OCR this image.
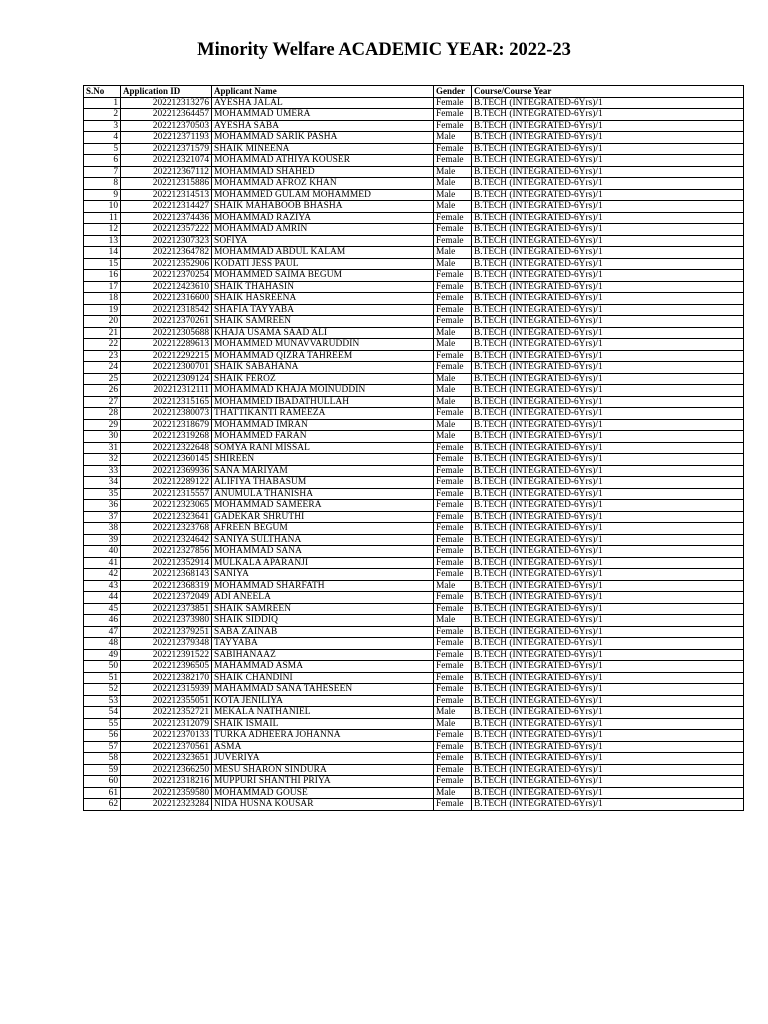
Minority Welfare ACADEMIC YEAR: 2022-23
S.No	Application ID	Applicant Name	Gender	Course/Course Year
1	202212313276	AYESHA JALAL	Female	B.TECH (INTEGRATED-6Yrs)/1
2	202212364457	MOHAMMAD UMERA	Female	B.TECH (INTEGRATED-6Yrs)/1
3	202212370503	AYESHA SABA	Female	B.TECH (INTEGRATED-6Yrs)/1
4	202212371193	MOHAMMAD SARIK PASHA	Male	B.TECH (INTEGRATED-6Yrs)/1
5	202212371579	SHAIK MINEENA	Female	B.TECH (INTEGRATED-6Yrs)/1
6	202212321074	MOHAMMAD ATHIYA KOUSER	Female	B.TECH (INTEGRATED-6Yrs)/1
7	202212367112	MOHAMMAD SHAHED	Male	B.TECH (INTEGRATED-6Yrs)/1
8	202212315886	MOHAMMAD AFROZ KHAN	Male	B.TECH (INTEGRATED-6Yrs)/1
9	202212314513	MOHAMMED GULAM MOHAMMED	Male	B.TECH (INTEGRATED-6Yrs)/1
10	202212314427	SHAIK MAHABOOB BHASHA	Male	B.TECH (INTEGRATED-6Yrs)/1
11	202212374436	MOHAMMAD RAZIYA	Female	B.TECH (INTEGRATED-6Yrs)/1
12	202212357222	MOHAMMAD AMRIN	Female	B.TECH (INTEGRATED-6Yrs)/1
13	202212307323	SOFIYA	Female	B.TECH (INTEGRATED-6Yrs)/1
14	202212364782	MOHAMMAD ABDUL KALAM	Male	B.TECH (INTEGRATED-6Yrs)/1
15	202212352906	KODATI JESS PAUL	Male	B.TECH (INTEGRATED-6Yrs)/1
16	202212370254	MOHAMMED SAIMA BEGUM	Female	B.TECH (INTEGRATED-6Yrs)/1
17	202212423610	SHAIK THAHASIN	Female	B.TECH (INTEGRATED-6Yrs)/1
18	202212316600	SHAIK HASREENA	Female	B.TECH (INTEGRATED-6Yrs)/1
19	202212318542	SHAFIA TAYYABA	Female	B.TECH (INTEGRATED-6Yrs)/1
20	202212370261	SHAIK SAMREEN	Female	B.TECH (INTEGRATED-6Yrs)/1
21	202212305688	KHAJA USAMA SAAD ALI	Male	B.TECH (INTEGRATED-6Yrs)/1
22	202212289613	MOHAMMED MUNAVVARUDDIN	Male	B.TECH (INTEGRATED-6Yrs)/1
23	202212292215	MOHAMMAD QIZRA TAHREEM	Female	B.TECH (INTEGRATED-6Yrs)/1
24	202212300701	SHAIK SABAHANA	Female	B.TECH (INTEGRATED-6Yrs)/1
25	202212309124	SHAIK FEROZ	Male	B.TECH (INTEGRATED-6Yrs)/1
26	202212312111	MOHAMMAD KHAJA MOINUDDIN	Male	B.TECH (INTEGRATED-6Yrs)/1
27	202212315165	MOHAMMED IBADATHULLAH	Male	B.TECH (INTEGRATED-6Yrs)/1
28	202212380073	THATTIKANTI RAMEEZA	Female	B.TECH (INTEGRATED-6Yrs)/1
29	202212318679	MOHAMMAD IMRAN	Male	B.TECH (INTEGRATED-6Yrs)/1
30	202212319268	MOHAMMED FARAN	Male	B.TECH (INTEGRATED-6Yrs)/1
31	202212322648	SOMYA RANI MISSAL	Female	B.TECH (INTEGRATED-6Yrs)/1
32	202212360145	SHIREEN	Female	B.TECH (INTEGRATED-6Yrs)/1
33	202212369936	SANA MARIYAM	Female	B.TECH (INTEGRATED-6Yrs)/1
34	202212289122	ALIFIYA THABASUM	Female	B.TECH (INTEGRATED-6Yrs)/1
35	202212315557	ANUMULA THANISHA	Female	B.TECH (INTEGRATED-6Yrs)/1
36	202212323065	MOHAMMAD SAMEERA	Female	B.TECH (INTEGRATED-6Yrs)/1
37	202212323641	GADEKAR SHRUTHI	Female	B.TECH (INTEGRATED-6Yrs)/1
38	202212323768	AFREEN BEGUM	Female	B.TECH (INTEGRATED-6Yrs)/1
39	202212324642	SANIYA SULTHANA	Female	B.TECH (INTEGRATED-6Yrs)/1
40	202212327856	MOHAMMAD SANA	Female	B.TECH (INTEGRATED-6Yrs)/1
41	202212352914	MULKALA APARANJI	Female	B.TECH (INTEGRATED-6Yrs)/1
42	202212368143	SANIYA	Female	B.TECH (INTEGRATED-6Yrs)/1
43	202212368319	MOHAMMAD SHARFATH	Male	B.TECH (INTEGRATED-6Yrs)/1
44	202212372049	ADI ANEELA	Female	B.TECH (INTEGRATED-6Yrs)/1
45	202212373851	SHAIK SAMREEN	Female	B.TECH (INTEGRATED-6Yrs)/1
46	202212373980	SHAIK SIDDIQ	Male	B.TECH (INTEGRATED-6Yrs)/1
47	202212379251	SABA ZAINAB	Female	B.TECH (INTEGRATED-6Yrs)/1
48	202212379348	TAYYABA	Female	B.TECH (INTEGRATED-6Yrs)/1
49	202212391522	SABIHANAAZ	Female	B.TECH (INTEGRATED-6Yrs)/1
50	202212396505	MAHAMMAD ASMA	Female	B.TECH (INTEGRATED-6Yrs)/1
51	202212382170	SHAIK CHANDINI	Female	B.TECH (INTEGRATED-6Yrs)/1
52	202212315939	MAHAMMAD SANA TAHESEEN	Female	B.TECH (INTEGRATED-6Yrs)/1
53	202212355051	KOTA JENILIYA	Female	B.TECH (INTEGRATED-6Yrs)/1
54	202212352721	MEKALA NATHANIEL	Male	B.TECH (INTEGRATED-6Yrs)/1
55	202212312079	SHAIK ISMAIL	Male	B.TECH (INTEGRATED-6Yrs)/1
56	202212370133	TURKA ADHEERA JOHANNA	Female	B.TECH (INTEGRATED-6Yrs)/1
57	202212370561	ASMA	Female	B.TECH (INTEGRATED-6Yrs)/1
58	202212323651	JUVERIYA	Female	B.TECH (INTEGRATED-6Yrs)/1
59	202212366250	MESU SHARON SINDURA	Female	B.TECH (INTEGRATED-6Yrs)/1
60	202212318216	MUPPURI SHANTHI PRIYA	Female	B.TECH (INTEGRATED-6Yrs)/1
61	202212359580	MOHAMMAD GOUSE	Male	B.TECH (INTEGRATED-6Yrs)/1
62	202212323284	NIDA HUSNA KOUSAR	Female	B.TECH (INTEGRATED-6Yrs)/1
